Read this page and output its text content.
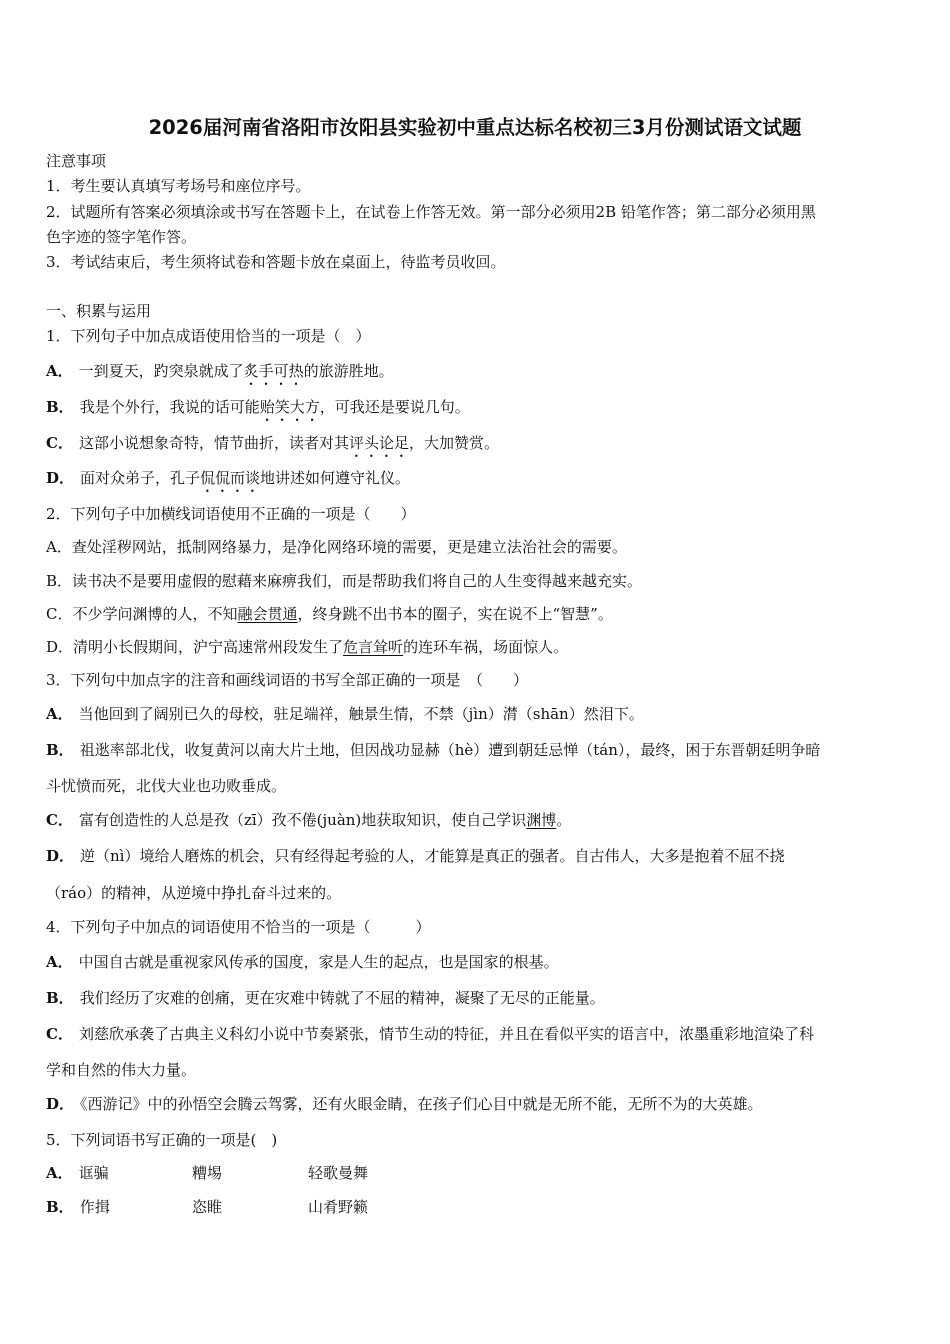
2026届河南省洛阳市汝阳县实验初中重点达标名校初三3月份测试语文试题
注意事项
1．考生要认真填写考场号和座位序号。
2．试题所有答案必须填涂或书写在答题卡上，在试卷上作答无效。第一部分必须用2B 铅笔作答；第二部分必须用黑
色字迹的签字笔作答。
3．考试结束后，考生须将试卷和答题卡放在桌面上，待监考员收回。
一、积累与运用
1．下列句子中加点成语使用恰当的一项是（　）
A． 一到夏天，趵突泉就成了炙手可热的旅游胜地。
B． 我是个外行，我说的话可能贻笑大方，可我还是要说几句。
C． 这部小说想象奇特，情节曲折，读者对其评头论足，大加赞赏。
D． 面对众弟子，孔子侃侃而谈地讲述如何遵守礼仪。
2．下列句子中加横线词语使用不正确的一项是（　　）
A．查处淫秽网站，抵制网络暴力，是净化网络环境的需要，更是建立法治社会的需要。
B．读书决不是要用虚假的慰藉来麻痹我们，而是帮助我们将自己的人生变得越来越充实。
C．不少学问渊博的人，不知融会贯通，终身跳不出书本的圈子，实在说不上“智慧”。
D．清明小长假期间，沪宁高速常州段发生了危言耸听的连环车祸，场面惊人。
3．下列句中加点字的注音和画线词语的书写全部正确的一项是　（　　）
A． 当他回到了阔别已久的母校，驻足端祥，触景生情，不禁（jìn）潸（shān）然泪下。
B． 祖逖率部北伐，收复黄河以南大片土地，但因战功显赫（hè）遭到朝廷忌惮（tán），最终，困于东晋朝廷明争暗
斗忧愤而死，北伐大业也功败垂成。
C． 富有创造性的人总是孜（zī）孜不倦(juàn)地获取知识，使自己学识渊博。
D． 逆（nì）境给人磨炼的机会，只有经得起考验的人，才能算是真正的强者。自古伟人，大多是抱着不屈不挠
（ráo）的精神，从逆境中挣扎奋斗过来的。
4．下列句子中加点的词语使用不恰当的一项是（　　　）
A． 中国自古就是重视家风传承的国度，家是人生的起点，也是国家的根基。
B． 我们经历了灾难的创痛，更在灾难中铸就了不屈的精神，凝聚了无尽的正能量。
C． 刘慈欣承袭了古典主义科幻小说中节奏紧张，情节生动的特征，并且在看似平实的语言中，浓墨重彩地渲染了科
学和自然的伟大力量。
D． 《西游记》中的孙悟空会腾云驾雾，还有火眼金睛，在孩子们心目中就是无所不能，无所不为的大英雄。
5．下列词语书写正确的一项是(　)
A． 诓骗	糟埸	轻歌曼舞
B． 作揖	恣睢	山肴野籁
